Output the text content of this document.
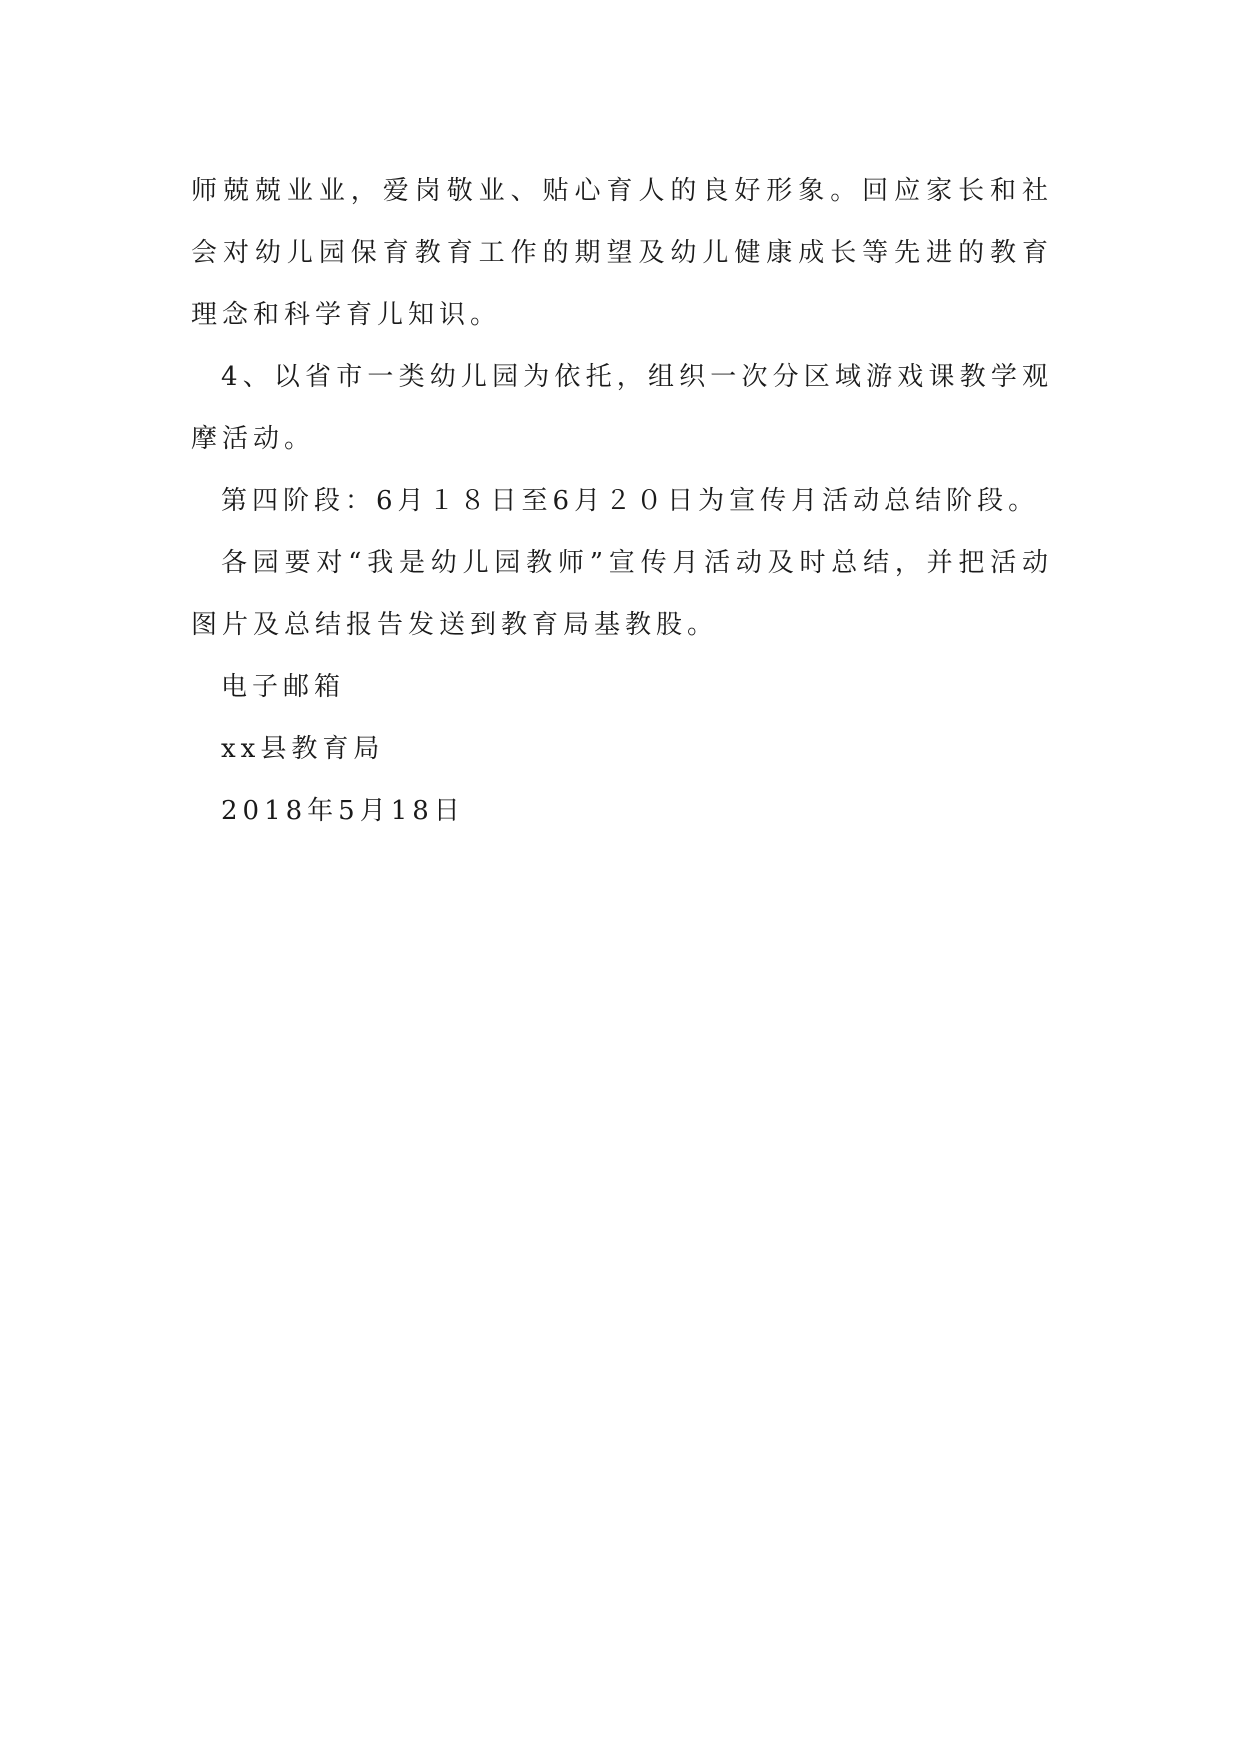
师兢兢业业，爱岗敬业、贴心育人的良好形象。回应家长和社会对幼儿园保育教育工作的期望及幼儿健康成长等先进的教育理念和科学育儿知识。

4、以省市一类幼儿园为依托，组织一次分区域游戏课教学观摩活动。

第四阶段：6月１８日至6月２０日为宣传月活动总结阶段。

各园要对“我是幼儿园教师”宣传月活动及时总结，并把活动图片及总结报告发送到教育局基教股。

电子邮箱

xx县教育局

2018年5月18日
